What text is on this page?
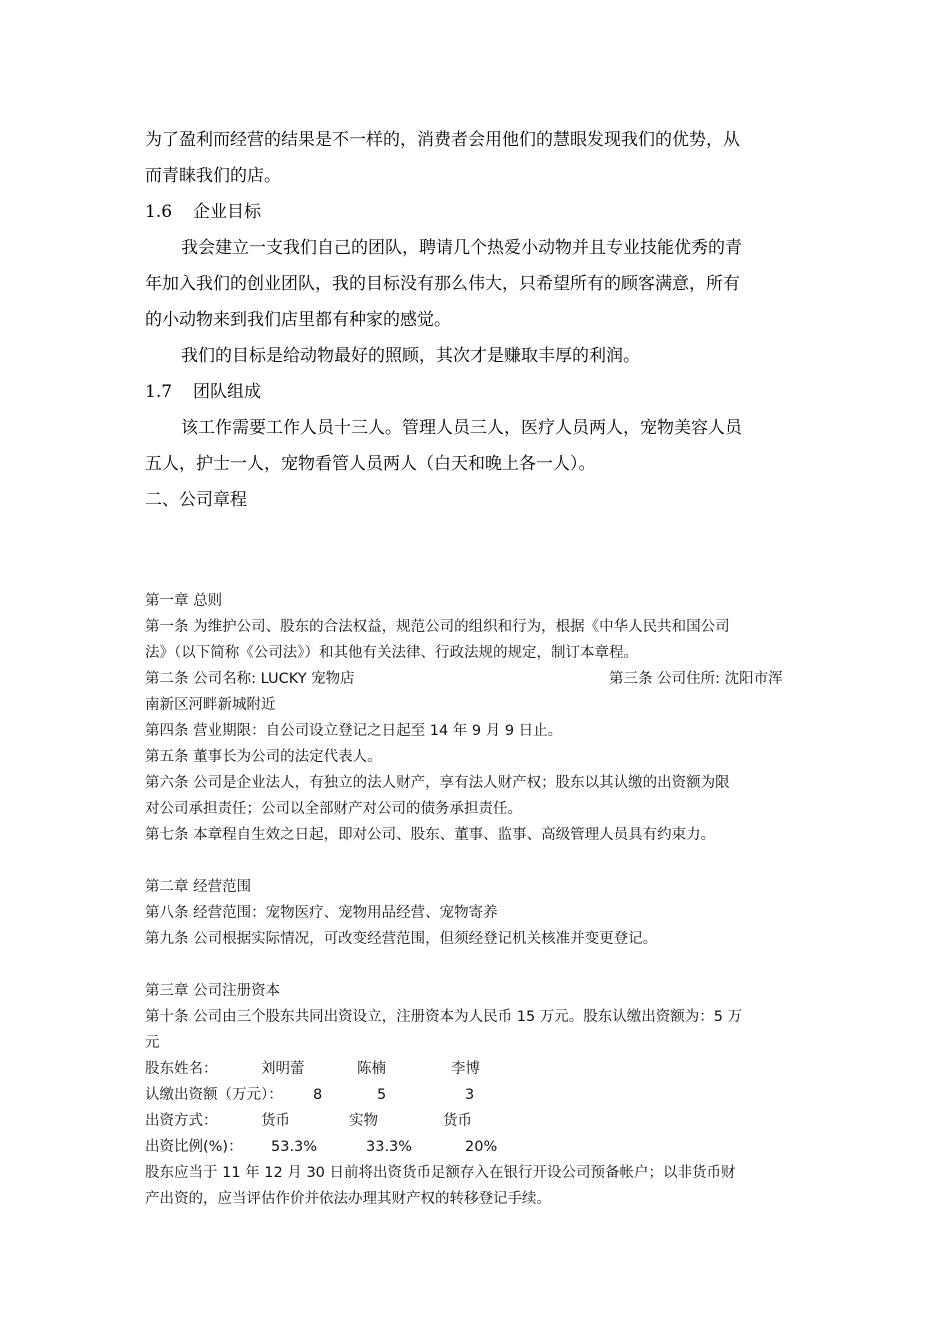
为了盈利而经营的结果是不一样的，消费者会用他们的慧眼发现我们的优势，从
而青睐我们的店。
1.6 企业目标
我会建立一支我们自己的团队，聘请几个热爱小动物并且专业技能优秀的青
年加入我们的创业团队，我的目标没有那么伟大，只希望所有的顾客满意，所有
的小动物来到我们店里都有种家的感觉。
我们的目标是给动物最好的照顾，其次才是赚取丰厚的利润。
1.7 团队组成
该工作需要工作人员十三人。管理人员三人，医疗人员两人，宠物美容人员
五人，护士一人，宠物看管人员两人（白天和晚上各一人）。
二、公司章程
第一章 总则
第一条 为维护公司、股东的合法权益，规范公司的组织和行为，根据《中华人民共和国公司
法》（以下简称《公司法》）和其他有关法律、行政法规的规定，制订本章程。
第二条 公司名称: LUCKY 宠物店	第三条 公司住所: 沈阳市浑
南新区河畔新城附近
第四条 营业期限：自公司设立登记之日起至 14 年 9 月 9 日止。
第五条 董事长为公司的法定代表人。
第六条 公司是企业法人，有独立的法人财产，享有法人财产权；股东以其认缴的出资额为限
对公司承担责任；公司以全部财产对公司的债务承担责任。
第七条 本章程自生效之日起，即对公司、股东、董事、监事、高级管理人员具有约束力。
第二章 经营范围
第八条 经营范围：宠物医疗、宠物用品经营、宠物寄养
第九条 公司根据实际情况，可改变经营范围，但须经登记机关核准并变更登记。
第三章 公司注册资本
第十条 公司由三个股东共同出资设立，注册资本为人民币 15 万元。股东认缴出资额为：5 万
元
股东姓名：	刘明蕾	陈楠	李博
认缴出资额（万元）： 8	5	3
出资方式：	货币	实物	货币
出资比例(%)： 53.3%	33.3%	20%
股东应当于 11 年 12 月 30 日前将出资货币足额存入在银行开设公司预备帐户；以非货币财
产出资的，应当评估作价并依法办理其财产权的转移登记手续。
